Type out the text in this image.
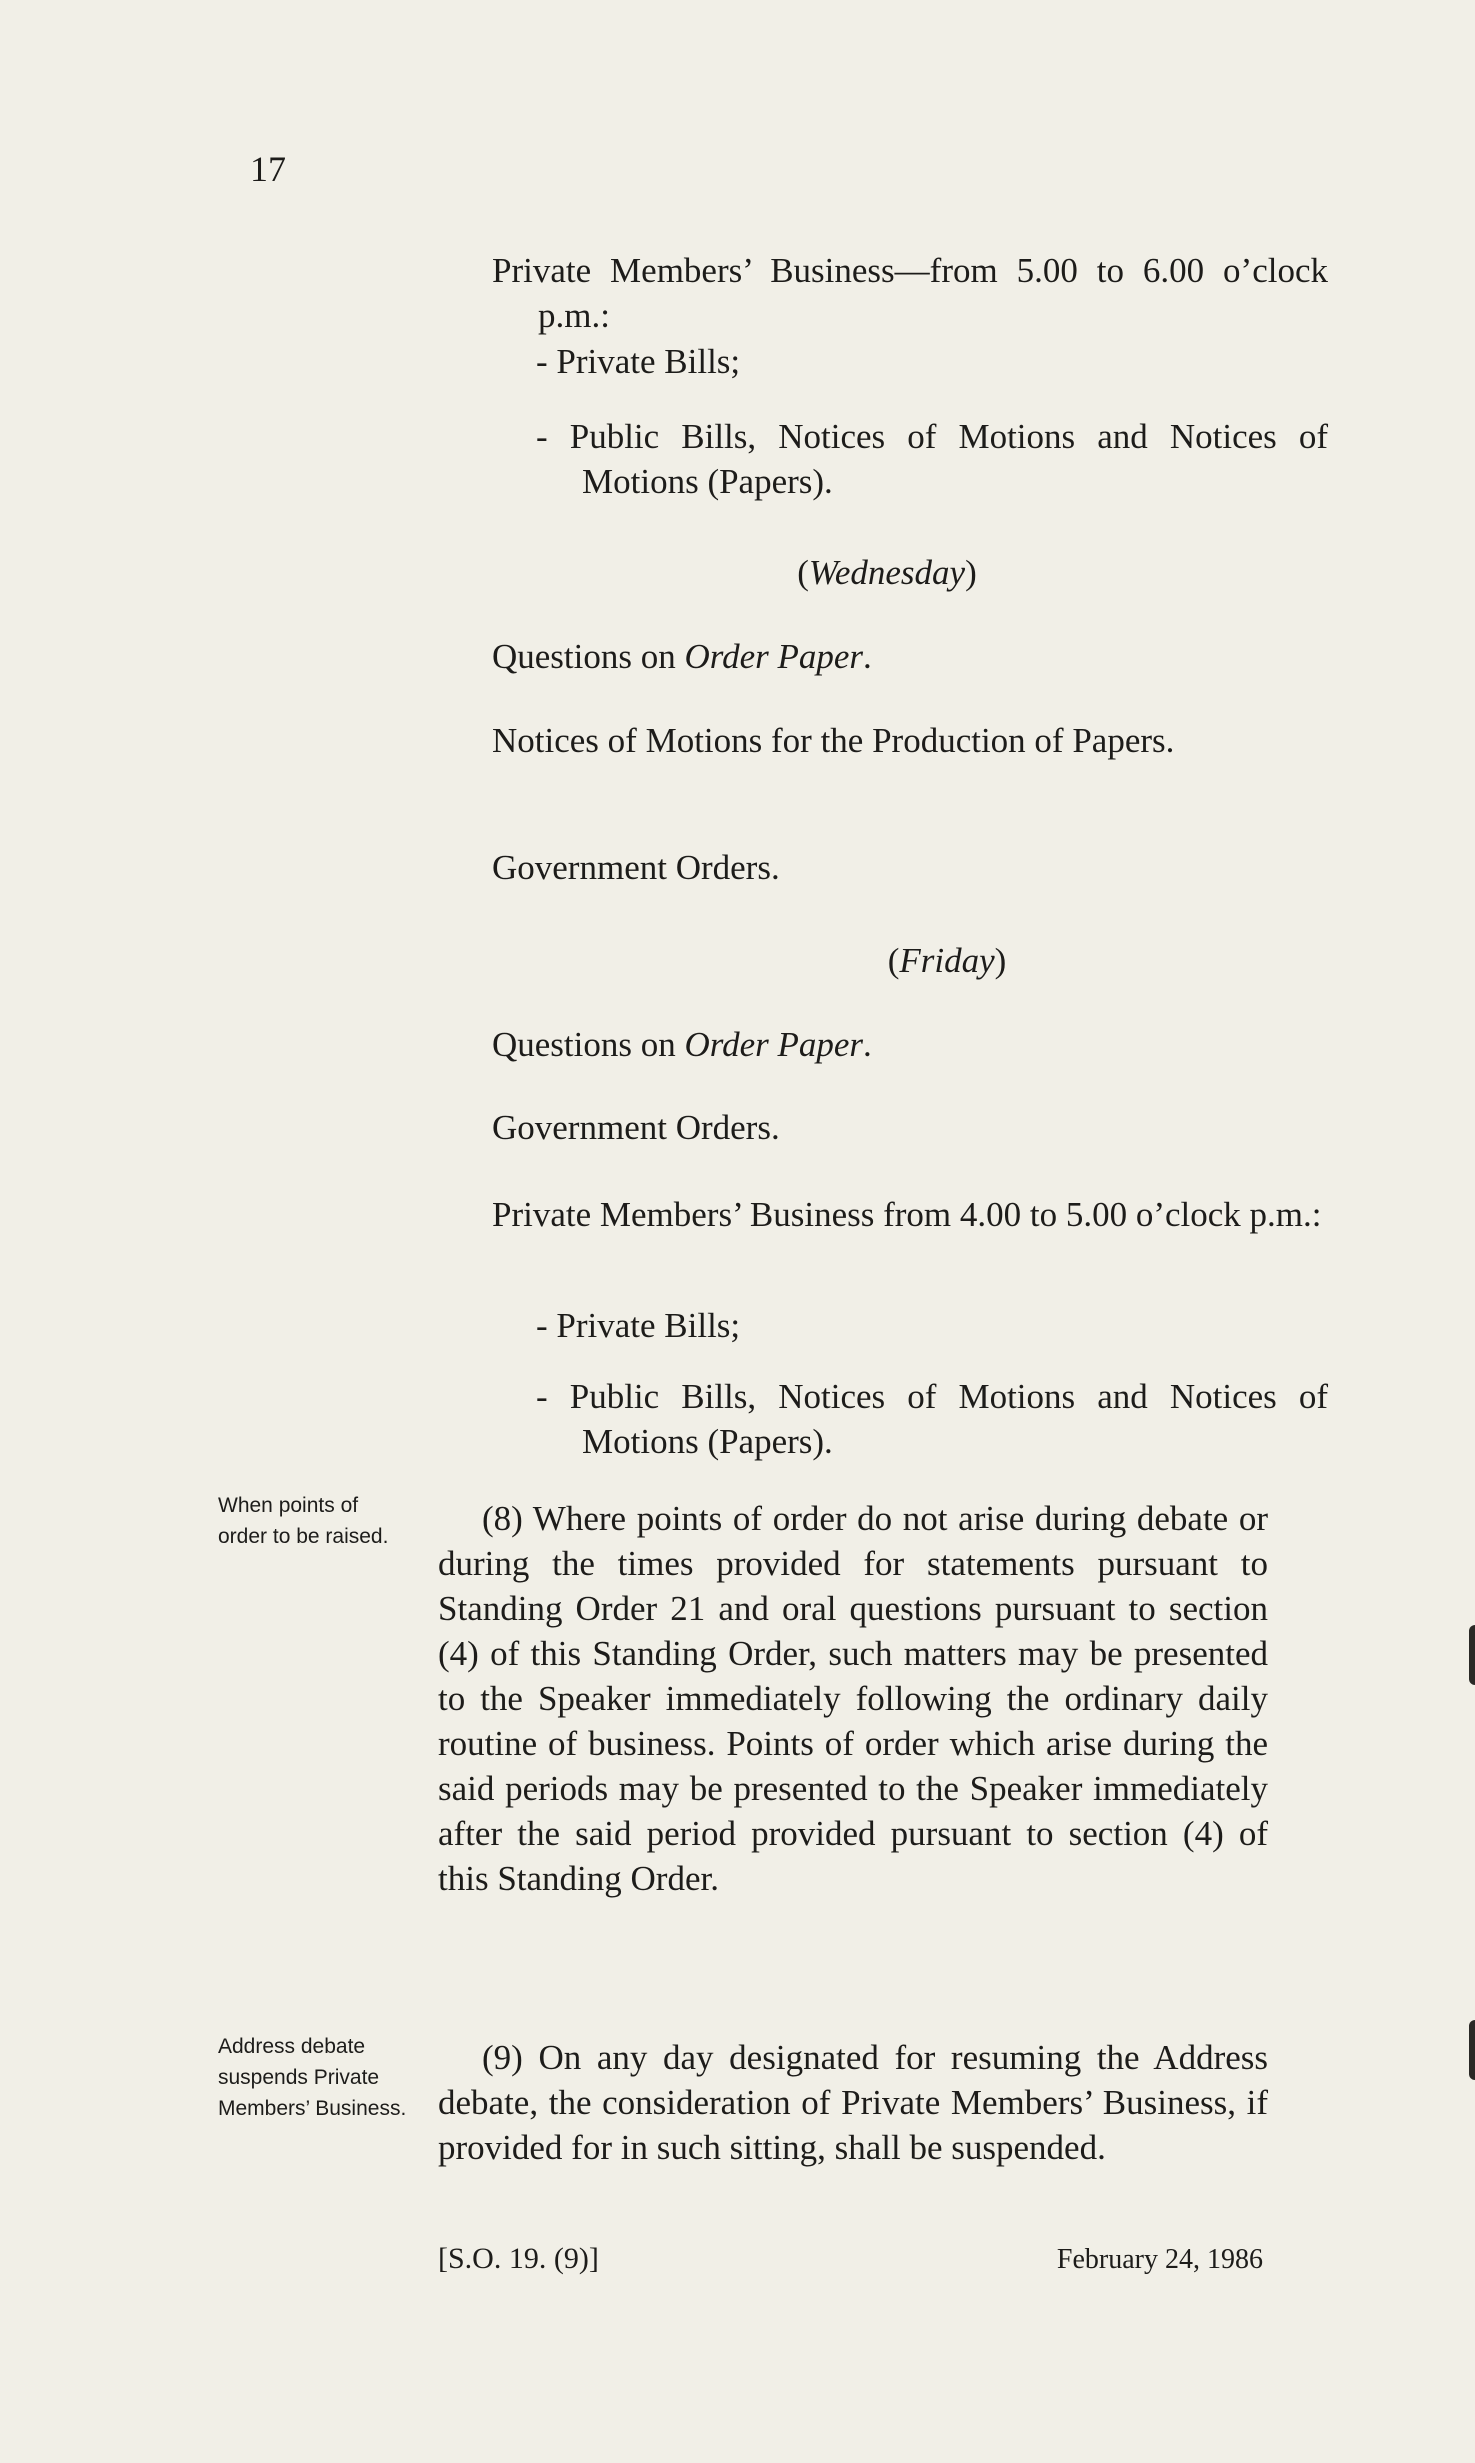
17
Private Members’ Business—from 5.00 to 6.00 o’clock p.m.:
- Private Bills;
- Public Bills, Notices of Motions and Notices of Motions (Papers).
(Wednesday)
Questions on Order Paper.
Notices of Motions for the Production of Papers.
Government Orders.
(Friday)
Questions on Order Paper.
Government Orders.
Private Members’ Business from 4.00 to 5.00 o’clock p.m.:
- Private Bills;
- Public Bills, Notices of Motions and Notices of Motions (Papers).
When points of order to be raised.	(8) Where points of order do not arise during debate or during the times provided for statements pursuant to Standing Order 21 and oral questions pursuant to section (4) of this Standing Order, such matters may be presented to the Speaker immediately following the ordinary daily routine of business. Points of order which arise during the said periods may be presented to the Speaker immediately after the said period provided pursuant to section (4) of this Standing Order.
Address debate suspends Private Members’ Business.
(9) On any day designated for resuming the Address debate, the consideration of Private Members’ Business, if provided for in such sitting, shall be suspended.
[S.O. 19. (9)]	February 24, 1986
